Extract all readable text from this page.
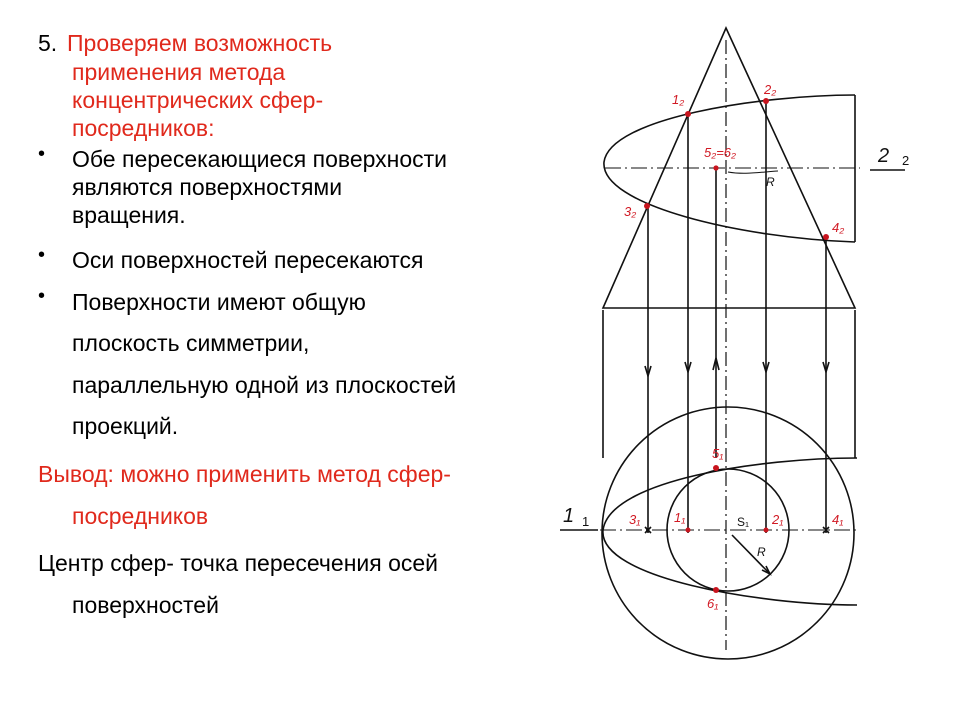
5. Проверяем возможность
применения метода
концентрических сфер-
посредников:
• Обе пересекающиеся поверхности
являются поверхностями
вращения.
• Оси поверхностей пересекаются
• Поверхности имеют общую
плоскость симметрии,
параллельную одной из плоскостей
проекций.
Вывод: можно применить метод сфер-
посредников
Центр сфер- точка пересечения осей
поверхностей
1₂
2₂
3₂
4₂
5₂=6₂
5₁
6₁
3₁	1₁	2₁	4₁
R
S₁
R
2 2
1 1
